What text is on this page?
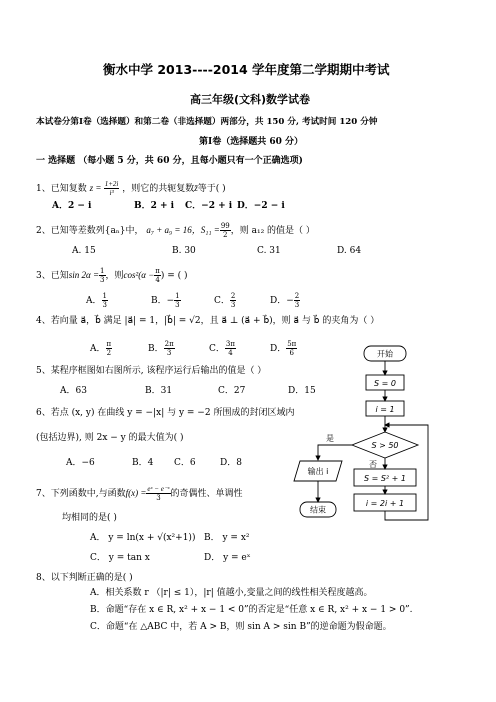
衡水中学 2013----2014 学年度第二学期期中考试
高三年级(文科)数学试卷
本试卷分第Ⅰ卷（选择题）和第二卷（非选择题）两部分，共 150 分, 考试时间 120 分钟
第Ⅰ卷（选择题共 60 分）
一 选择题 （每小题 5 分，共 60 分，且每小题只有一个正确选项)
1、已知复数 $z = \frac{1+2i}{\text{i³}}$ ，则它的共轭复数z̄等于( )
A．2 − i	B．2 + i C．−2 + i D．−2 − i
2、已知等差数列{aₙ}中， a₇ + a₉ = 16，$S_{11} = \frac{99}{2}$ ，则 a₁₂ 的值是（ ）
A. 15	B. 30	C. 31	D. 64
3、已知$\sin 2\alpha = \frac{1}{3}$ ，则$\cos^2(\alpha - \frac{\pi}{4}$ ) = ( )
A． $\frac{1}{3}$	B．− $\frac{1}{3}$	C． $\frac{2}{3}$	D．− $\frac{2}{3}$
4、若向量 a⃗，b⃗ 满足 |a⃗| = 1，|b⃗| = √2，且 a⃗ ⊥ (a⃗ + b⃗)，则 a⃗ 与 b⃗ 的夹角为（ ）
A． $\frac{\pi}{2}$	B． $\frac{2\pi}{3}$	C． $\frac{3\pi}{4}$	D． $\frac{5\pi}{6}$
5、某程序框图如右图所示, 该程序运行后输出的值是（ ）
A．63	B．31	C．27	D．15
6、若点 (x, y) 在曲线 y = −|x| 与 y = −2 所围成的封闭区域内
(包括边界), 则 2x − y 的最大值为( )
A．−6	B．4 C．6	D．8
7、下列函数中,与函数$f(x) = \frac{\text{eˣ − e⁻ˣ}}{3}$ 的奇偶性、单调性
均相同的是( )
A． y = ln(x + √(x²+1)) B． y = x²
C． y = tan x	D． y = eˣ
8、以下判断正确的是( )
A．相关系数 r （|r| ≤ 1），|r| 值越小,变量之间的线性相关程度越高。
B．命题“存在 x ∈ R, x² + x − 1 < 0”的否定是“任意 x ∈ R, x² + x − 1 > 0”.
C．命题“在 △ABC 中，若 A > B，则 sin A > sin B”的逆命题为假命题。
开始
S = 0
i = 1
S > 50
是
否
输出 i
结束
S = S² + 1
i = 2i + 1
